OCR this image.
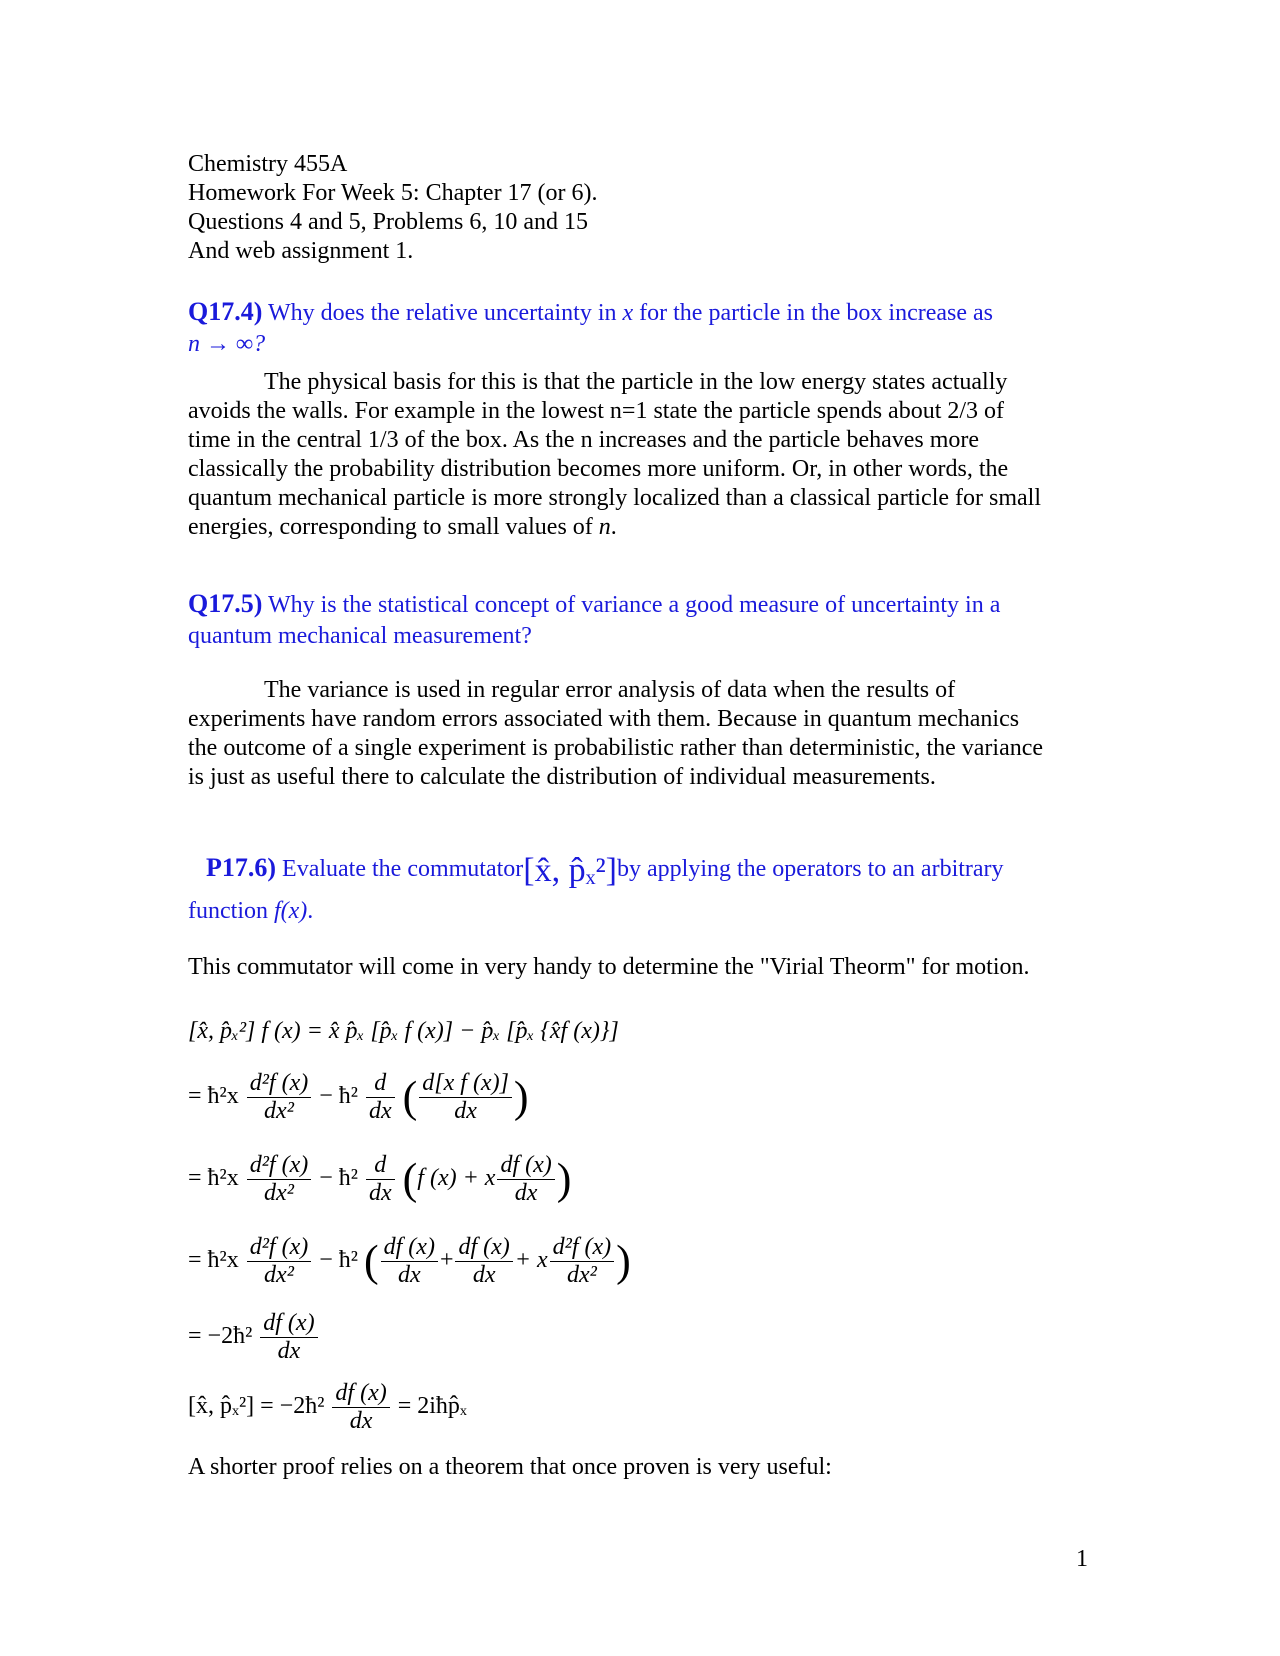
Chemistry 455A
Homework For Week 5: Chapter 17 (or 6).
Questions 4 and 5, Problems 6, 10 and 15
And web assignment 1.
Q17.4) Why does the relative uncertainty in x for the particle in the box increase as
n → ∞?
The physical basis for this is that the particle in the low energy states actually
avoids the walls. For example in the lowest n=1 state the particle spends about 2/3 of
time in the central 1/3 of the box. As the n increases and the particle behaves more
classically the probability distribution becomes more uniform. Or, in other words, the
quantum mechanical particle is more strongly localized than a classical particle for small
energies, corresponding to small values of n.
Q17.5) Why is the statistical concept of variance a good measure of uncertainty in a
quantum mechanical measurement?
The variance is used in regular error analysis of data when the results of
experiments have random errors associated with them. Because in quantum mechanics
the outcome of a single experiment is probabilistic rather than deterministic, the variance
is just as useful there to calculate the distribution of individual measurements.
P17.6) Evaluate the commutator[x̂, p̂ₓ²]by applying the operators to an arbitrary
function f(x).
This commutator will come in very handy to determine the "Virial Theorm" for motion.
[x̂, p̂ₓ²] f (x) = x̂ p̂ₓ [p̂ₓ f (x)] − p̂ₓ [p̂ₓ {x̂f (x)}]
= ħ²x $\frac{\text{d²f (x)}}{\text{dx²}}$ − ħ² $\frac{d}{dx}$ ( $\frac{\text{d[x f (x)]}}{dx}$ )
= ħ²x $\frac{\text{d²f (x)}}{\text{dx²}}$ − ħ² $\frac{d}{dx} (f$ (x) + x $\frac{df (x)}{dx}$ )
= ħ²x $\frac{\text{d²f (x)}}{\text{dx²}}$ − ħ² ( $\frac{df (x)}{dx} + \frac{df (x)}{dx} + x \frac{\text{d²f (x)}}{\text{dx²}}$ )
= −2ħ² $\frac{df (x)}{dx}$
[x̂, p̂ₓ²] = −2ħ² $\frac{df (x)}{dx}$ = 2iħp̂ₓ
A shorter proof relies on a theorem that once proven is very useful:
1
